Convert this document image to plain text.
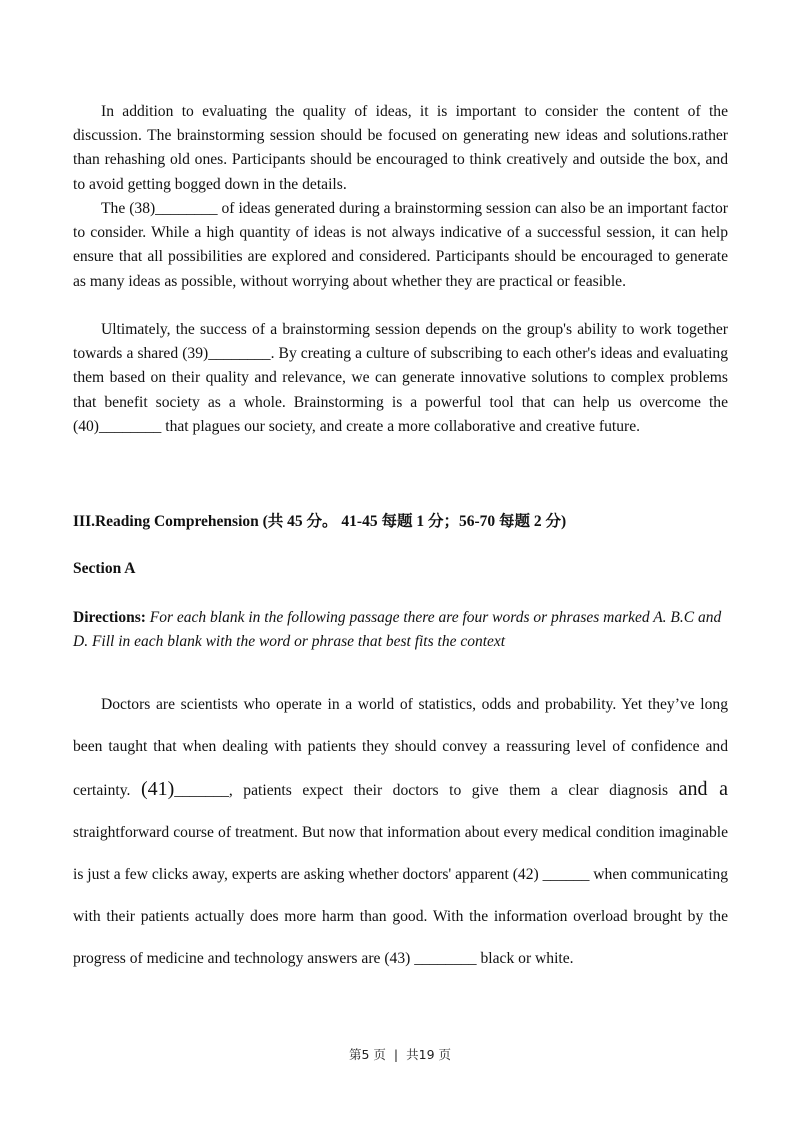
In addition to evaluating the quality of ideas, it is important to consider the content of the discussion. The brainstorming session should be focused on generating new ideas and solutions.rather than rehashing old ones. Participants should be encouraged to think creatively and outside the box, and to avoid getting bogged down in the details.

The (38)________ of ideas generated during a brainstorming session can also be an important factor to consider. While a high quantity of ideas is not always indicative of a successful session, it can help ensure that all possibilities are explored and considered. Participants should be encouraged to generate as many ideas as possible, without worrying about whether they are practical or feasible.

Ultimately, the success of a brainstorming session depends on the group's ability to work together towards a shared (39)________. By creating a culture of subscribing to each other's ideas and evaluating them based on their quality and relevance, we can generate innovative solutions to complex problems that benefit society as a whole. Brainstorming is a powerful tool that can help us overcome the (40)________ that plagues our society, and create a more collaborative and creative future.

III.Reading Comprehension (共 45 分。 41-45 每题 1 分；56-70 每题 2 分)
Section A

Directions: For each blank in the following passage there are four words or phrases marked A. B.C and D. Fill in each blank with the word or phrase that best fits the context

Doctors are scientists who operate in a world of statistics, odds and probability. Yet they’ve long been taught that when dealing with patients they should convey a reassuring level of confidence and certainty. (41)_______, patients expect their doctors to give them a clear diagnosis and a straightforward course of treatment. But now that information about every medical condition imaginable is just a few clicks away, experts are asking whether doctors' apparent (42) ______ when communicating with their patients actually does more harm than good. With the information overload brought by the progress of medicine and technology answers are (43) ________ black or white.

第5 页 | 共19 页
